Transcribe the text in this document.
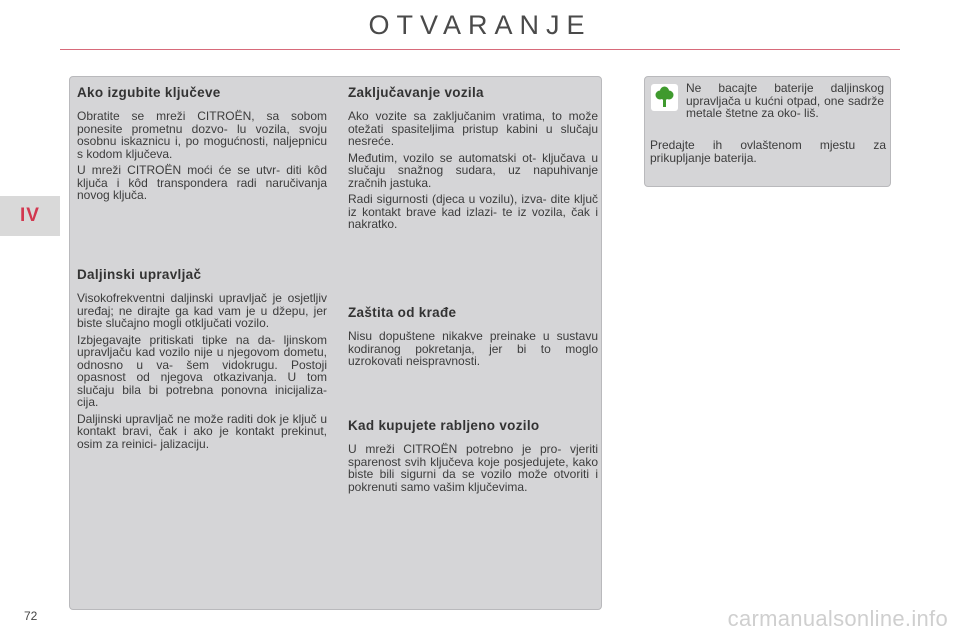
OTVARANJE
IV
Ako izgubite ključeve

Obratite se mreži CITROËN, sa sobom ponesite prometnu dozvo- lu vozila, svoju osobnu iskaznicu i, po mogućnosti, naljepnicu s kodom ključeva.

U mreži CITROËN moći će se utvr- diti kôd ključa i kôd transpondera radi naručivanja novog ključa.

Daljinski upravljač

Visokofrekventni daljinski upravljač je osjetljiv uređaj; ne dirajte ga kad vam je u džepu, jer biste slučajno mogli otključati vozilo.

Izbjegavajte pritiskati tipke na da- ljinskom upravljaču kad vozilo nije u njegovom dometu, odnosno u va- šem vidokrugu. Postoji opasnost od njegova otkazivanja. U tom slučaju bila bi potrebna ponovna inicijaliza- cija.

Daljinski upravljač ne može raditi dok je ključ u kontakt bravi, čak i ako je kontakt prekinut, osim za reinici- jalizaciju.

Zaključavanje vozila

Ako vozite sa zaključanim vratima, to može otežati spasiteljima pristup kabini u slučaju nesreće.

Međutim, vozilo se automatski ot- ključava u slučaju snažnog sudara, uz napuhivanje zračnih jastuka.

Radi sigurnosti (djeca u vozilu), izva- dite ključ iz kontakt brave kad izlazi- te iz vozila, čak i nakratko.

Zaštita od krađe

Nisu dopuštene nikakve preinake u sustavu kodiranog pokretanja, jer bi to moglo uzrokovati neispravnosti.

Kad kupujete rabljeno vozilo

U mreži CITROËN potrebno je pro- vjeriti sparenost svih ključeva koje posjedujete, kako biste bili sigurni da se vozilo može otvoriti i pokrenuti samo vašim ključevima.

Ne bacajte baterije daljinskog upravljača u kućni otpad, one sadrže metale štetne za oko- liš.

Predajte ih ovlaštenom mjestu za prikupljanje baterija.

72	carmanualsonline.info
